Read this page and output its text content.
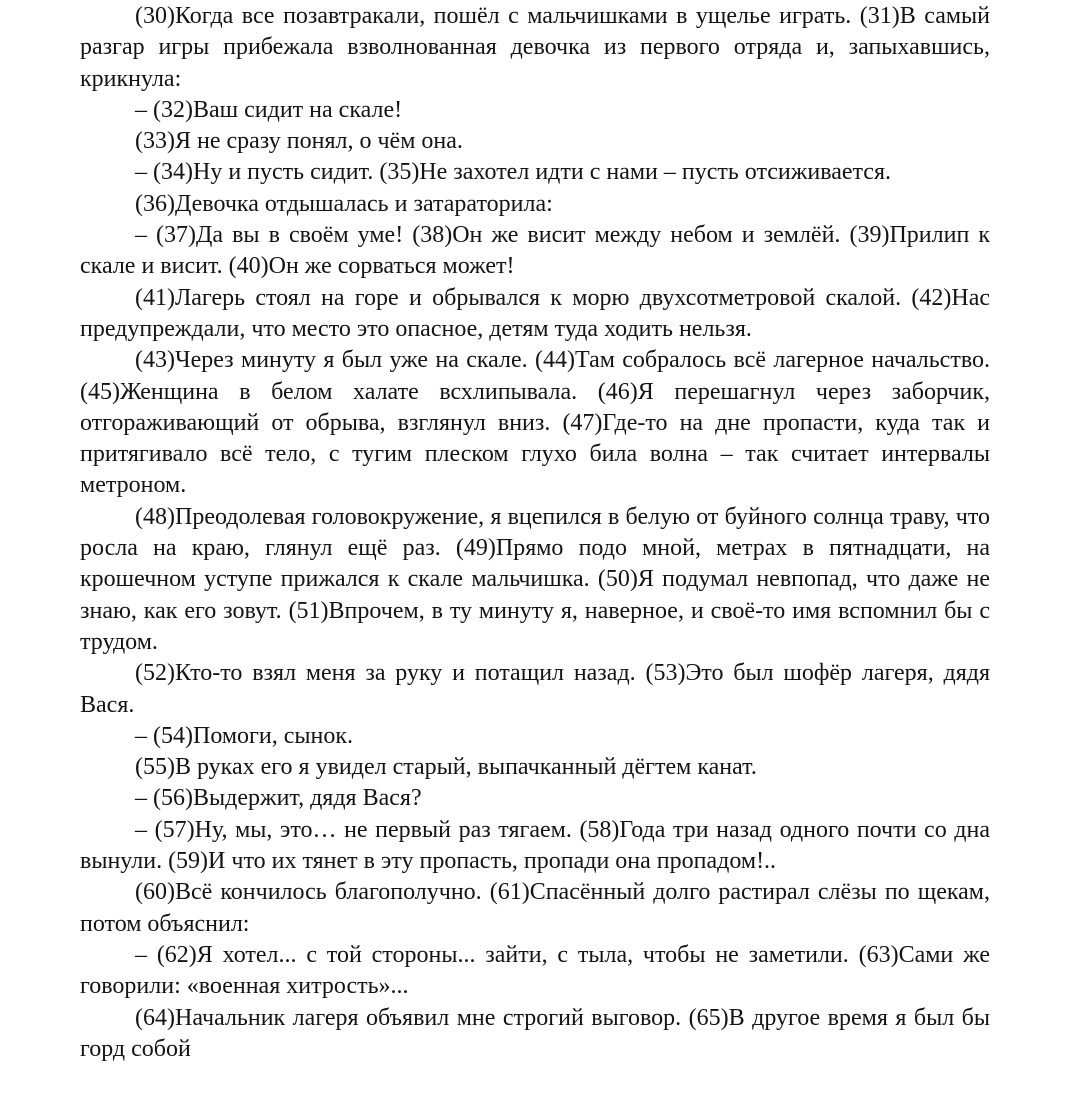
(30)Когда все позавтракали, пошёл с мальчишками в ущелье играть. (31)В самый разгар игры прибежала взволнованная девочка из первого отряда и, запыхавшись, крикнула:

– (32)Ваш сидит на скале!

(33)Я не сразу понял, о чём она.

– (34)Ну и пусть сидит. (35)Не захотел идти с нами – пусть отсиживается.

(36)Девочка отдышалась и затараторила:

– (37)Да вы в своём уме! (38)Он же висит между небом и землёй. (39)Прилип к скале и висит. (40)Он же сорваться может!

(41)Лагерь стоял на горе и обрывался к морю двухсотметровой скалой. (42)Нас предупреждали, что место это опасное, детям туда ходить нельзя.

(43)Через минуту я был уже на скале. (44)Там собралось всё лагерное начальство. (45)Женщина в белом халате всхлипывала. (46)Я перешагнул через заборчик, отгораживающий от обрыва, взглянул вниз. (47)Где-то на дне пропасти, куда так и притягивало всё тело, с тугим плеском глухо била волна – так считает интервалы метроном.

(48)Преодолевая головокружение, я вцепился в белую от буйного солнца траву, что росла на краю, глянул ещё раз. (49)Прямо подо мной, метрах в пятнадцати, на крошечном уступе прижался к скале мальчишка. (50)Я подумал невпопад, что даже не знаю, как его зовут. (51)Впрочем, в ту минуту я, наверное, и своё-то имя вспомнил бы с трудом.

(52)Кто-то взял меня за руку и потащил назад. (53)Это был шофёр лагеря, дядя Вася.

– (54)Помоги, сынок.

(55)В руках его я увидел старый, выпачканный дёгтем канат.

– (56)Выдержит, дядя Вася?

– (57)Ну, мы, это… не первый раз тягаем. (58)Года три назад одного почти со дна вынули. (59)И что их тянет в эту пропасть, пропади она пропадом!..

(60)Всё кончилось благополучно. (61)Спасённый долго растирал слёзы по щекам, потом объяснил:

– (62)Я хотел... с той стороны... зайти, с тыла, чтобы не заметили. (63)Сами же говорили: «военная хитрость»...

(64)Начальник лагеря объявил мне строгий выговор. (65)В другое время я был бы горд собой
